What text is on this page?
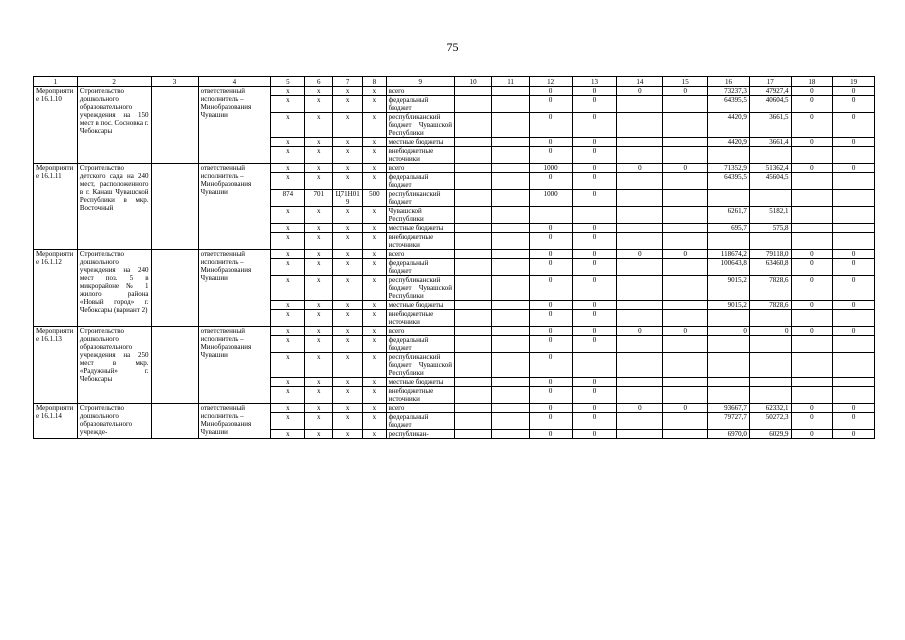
75
1	2	3	4	5	6	7	8	9	10	11	12	13	14	15	16	17	18	19
Мероприятие 16.1.10	Строительство дошкольного образовательного учреждения на 150 мест в пос. Сосновка г. Чебоксары		ответственный исполнитель – Минобразования Чувашии	x	x	x	x	всего			0	0	0	0	73237,3	47927,4	0	0
				x	x	x	x	федеральный бюджет			0	0			64395,5	40604,5	0	0
				x	x	x	x	республиканский бюджет Чувашской Республики			0	0			4420,9	3661,5	0	0
				x	x	x	x	местные бюджеты			0	0			4420,9	3661,4	0	0
				x	x	x	x	внебюджетные источники			0	0						
Мероприятие 16.1.11	Строительство детского сада на 240 мест, расположенного в г. Канаш Чувашской Республики в мкр. Восточный		ответственный исполнитель – Минобразования Чувашии	x	x	x	x	всего			1000	0	0	0	71352,9	51362,4	0	0
				x	x	x	x	федеральный бюджет			0	0			64395,5	45604,5		
				874	701	Ц71Н019	500	республиканский бюджет			1000	0						
				x	x	x	x	Чувашской Республики							6261,7	5182,1		
				x	x	x	x	местные бюджеты			0	0			695,7	575,8		
				x	x	x	x	внебюджетные источники			0	0						
Мероприятие 16.1.12	Строительство дошкольного учреждения на 240 мест поз. 5 в микрорайоне № 1 жилого района «Новый город» г. Чебоксары (вариант 2)		ответственный исполнитель – Минобразования Чувашии	x	x	x	x	всего			0	0	0	0	118674,2	79118,0	0	0
				x	x	x	x	федеральный бюджет			0	0			100643,8	63460,8	0	0
				x	x	x	x	республиканский бюджет Чувашской Республики			0	0			9015,2	7828,6	0	0
				x	x	x	x	местные бюджеты			0	0			9015,2	7828,6	0	0
				x	x	x	x	внебюджетные источники			0	0						
Мероприятие 16.1.13	Строительство дошкольного образовательного учреждения на 250 мест в мкр. «Радужный» г. Чебоксары		ответственный исполнитель – Минобразования Чувашии	x	x	x	x	всего			0	0	0	0	0	0	0	0
				x	x	x	x	федеральный бюджет			0	0						
				x	x	x	x	республиканский бюджет Чувашской Республики			0							
				x	x	x	x	местные бюджеты			0	0						
				x	x	x	x	внебюджетные источники			0	0						
Мероприятие 16.1.14	Строительство дошкольного образовательного учрежде-		ответственный исполнитель – Минобразования Чувашии	x	x	x	x	всего			0	0	0	0	93667,7	62332,1	0	0
				x	x	x	x	федеральный бюджет			0	0			79727,7	50272,3	0	0
				x	x	x	x	республикан-			0	0			6970,0	6029,9	0	0
